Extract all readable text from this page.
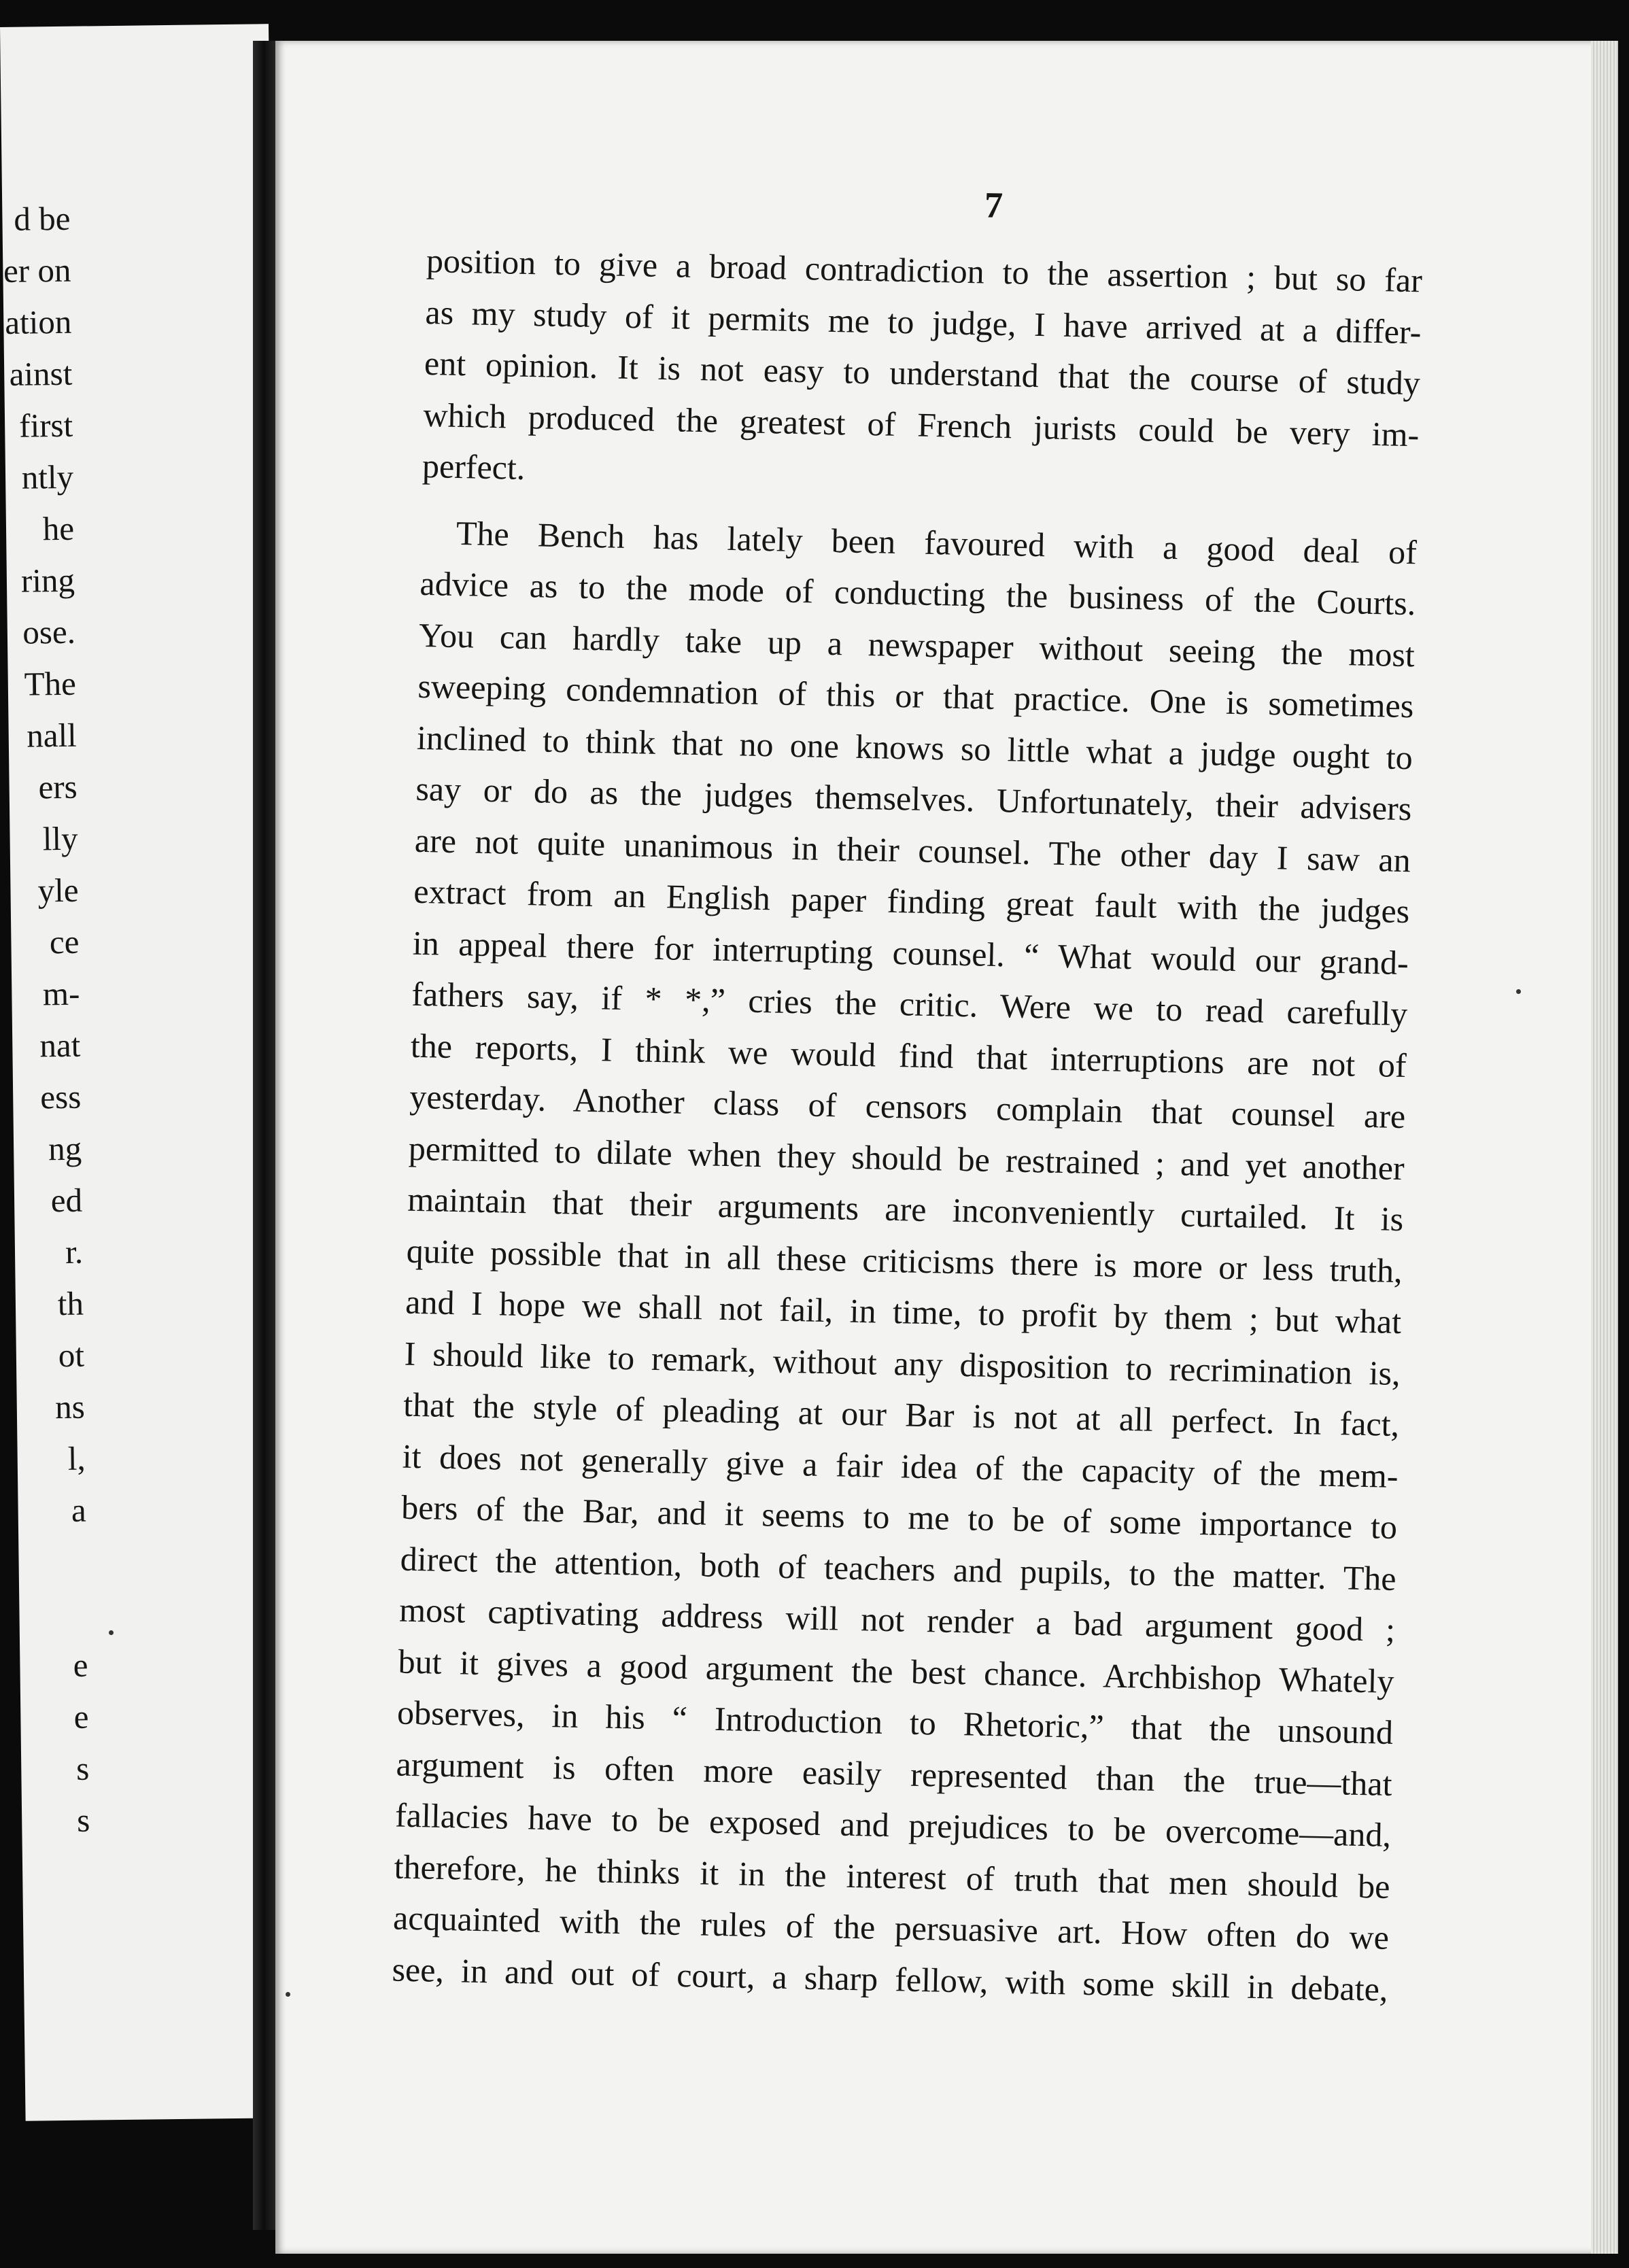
d be
er on
ation
ainst
first
ntly
he
ring
ose.
The
nall
ers
lly
yle
ce
m-
nat
ess
ng
ed
r.
th
ot
ns
l,
a
e
e
s
s
7
position to give a broad contradiction to the assertion ; but so far
as my study of it permits me to judge, I have arrived at a differ-
ent opinion. It is not easy to understand that the course of study
which produced the greatest of French jurists could be very im-
perfect.
The Bench has lately been favoured with a good deal of
advice as to the mode of conducting the business of the Courts.
You can hardly take up a newspaper without seeing the most
sweeping condemnation of this or that practice. One is sometimes
inclined to think that no one knows so little what a judge ought to
say or do as the judges themselves. Unfortunately, their advisers
are not quite unanimous in their counsel. The other day I saw an
extract from an English paper finding great fault with the judges
in appeal there for interrupting counsel. “ What would our grand-
fathers say, if * *,” cries the critic. Were we to read carefully
the reports, I think we would find that interruptions are not of
yesterday. Another class of censors complain that counsel are
permitted to dilate when they should be restrained ; and yet another
maintain that their arguments are inconveniently curtailed. It is
quite possible that in all these criticisms there is more or less truth,
and I hope we shall not fail, in time, to profit by them ; but what
I should like to remark, without any disposition to recrimination is,
that the style of pleading at our Bar is not at all perfect. In fact,
it does not generally give a fair idea of the capacity of the mem-
bers of the Bar, and it seems to me to be of some importance to
direct the attention, both of teachers and pupils, to the matter. The
most captivating address will not render a bad argument good ;
but it gives a good argument the best chance. Archbishop Whately
observes, in his “ Introduction to Rhetoric,” that the unsound
argument is often more easily represented than the true—that
fallacies have to be exposed and prejudices to be overcome—and,
therefore, he thinks it in the interest of truth that men should be
acquainted with the rules of the persuasive art. How often do we
see, in and out of court, a sharp fellow, with some skill in debate,
